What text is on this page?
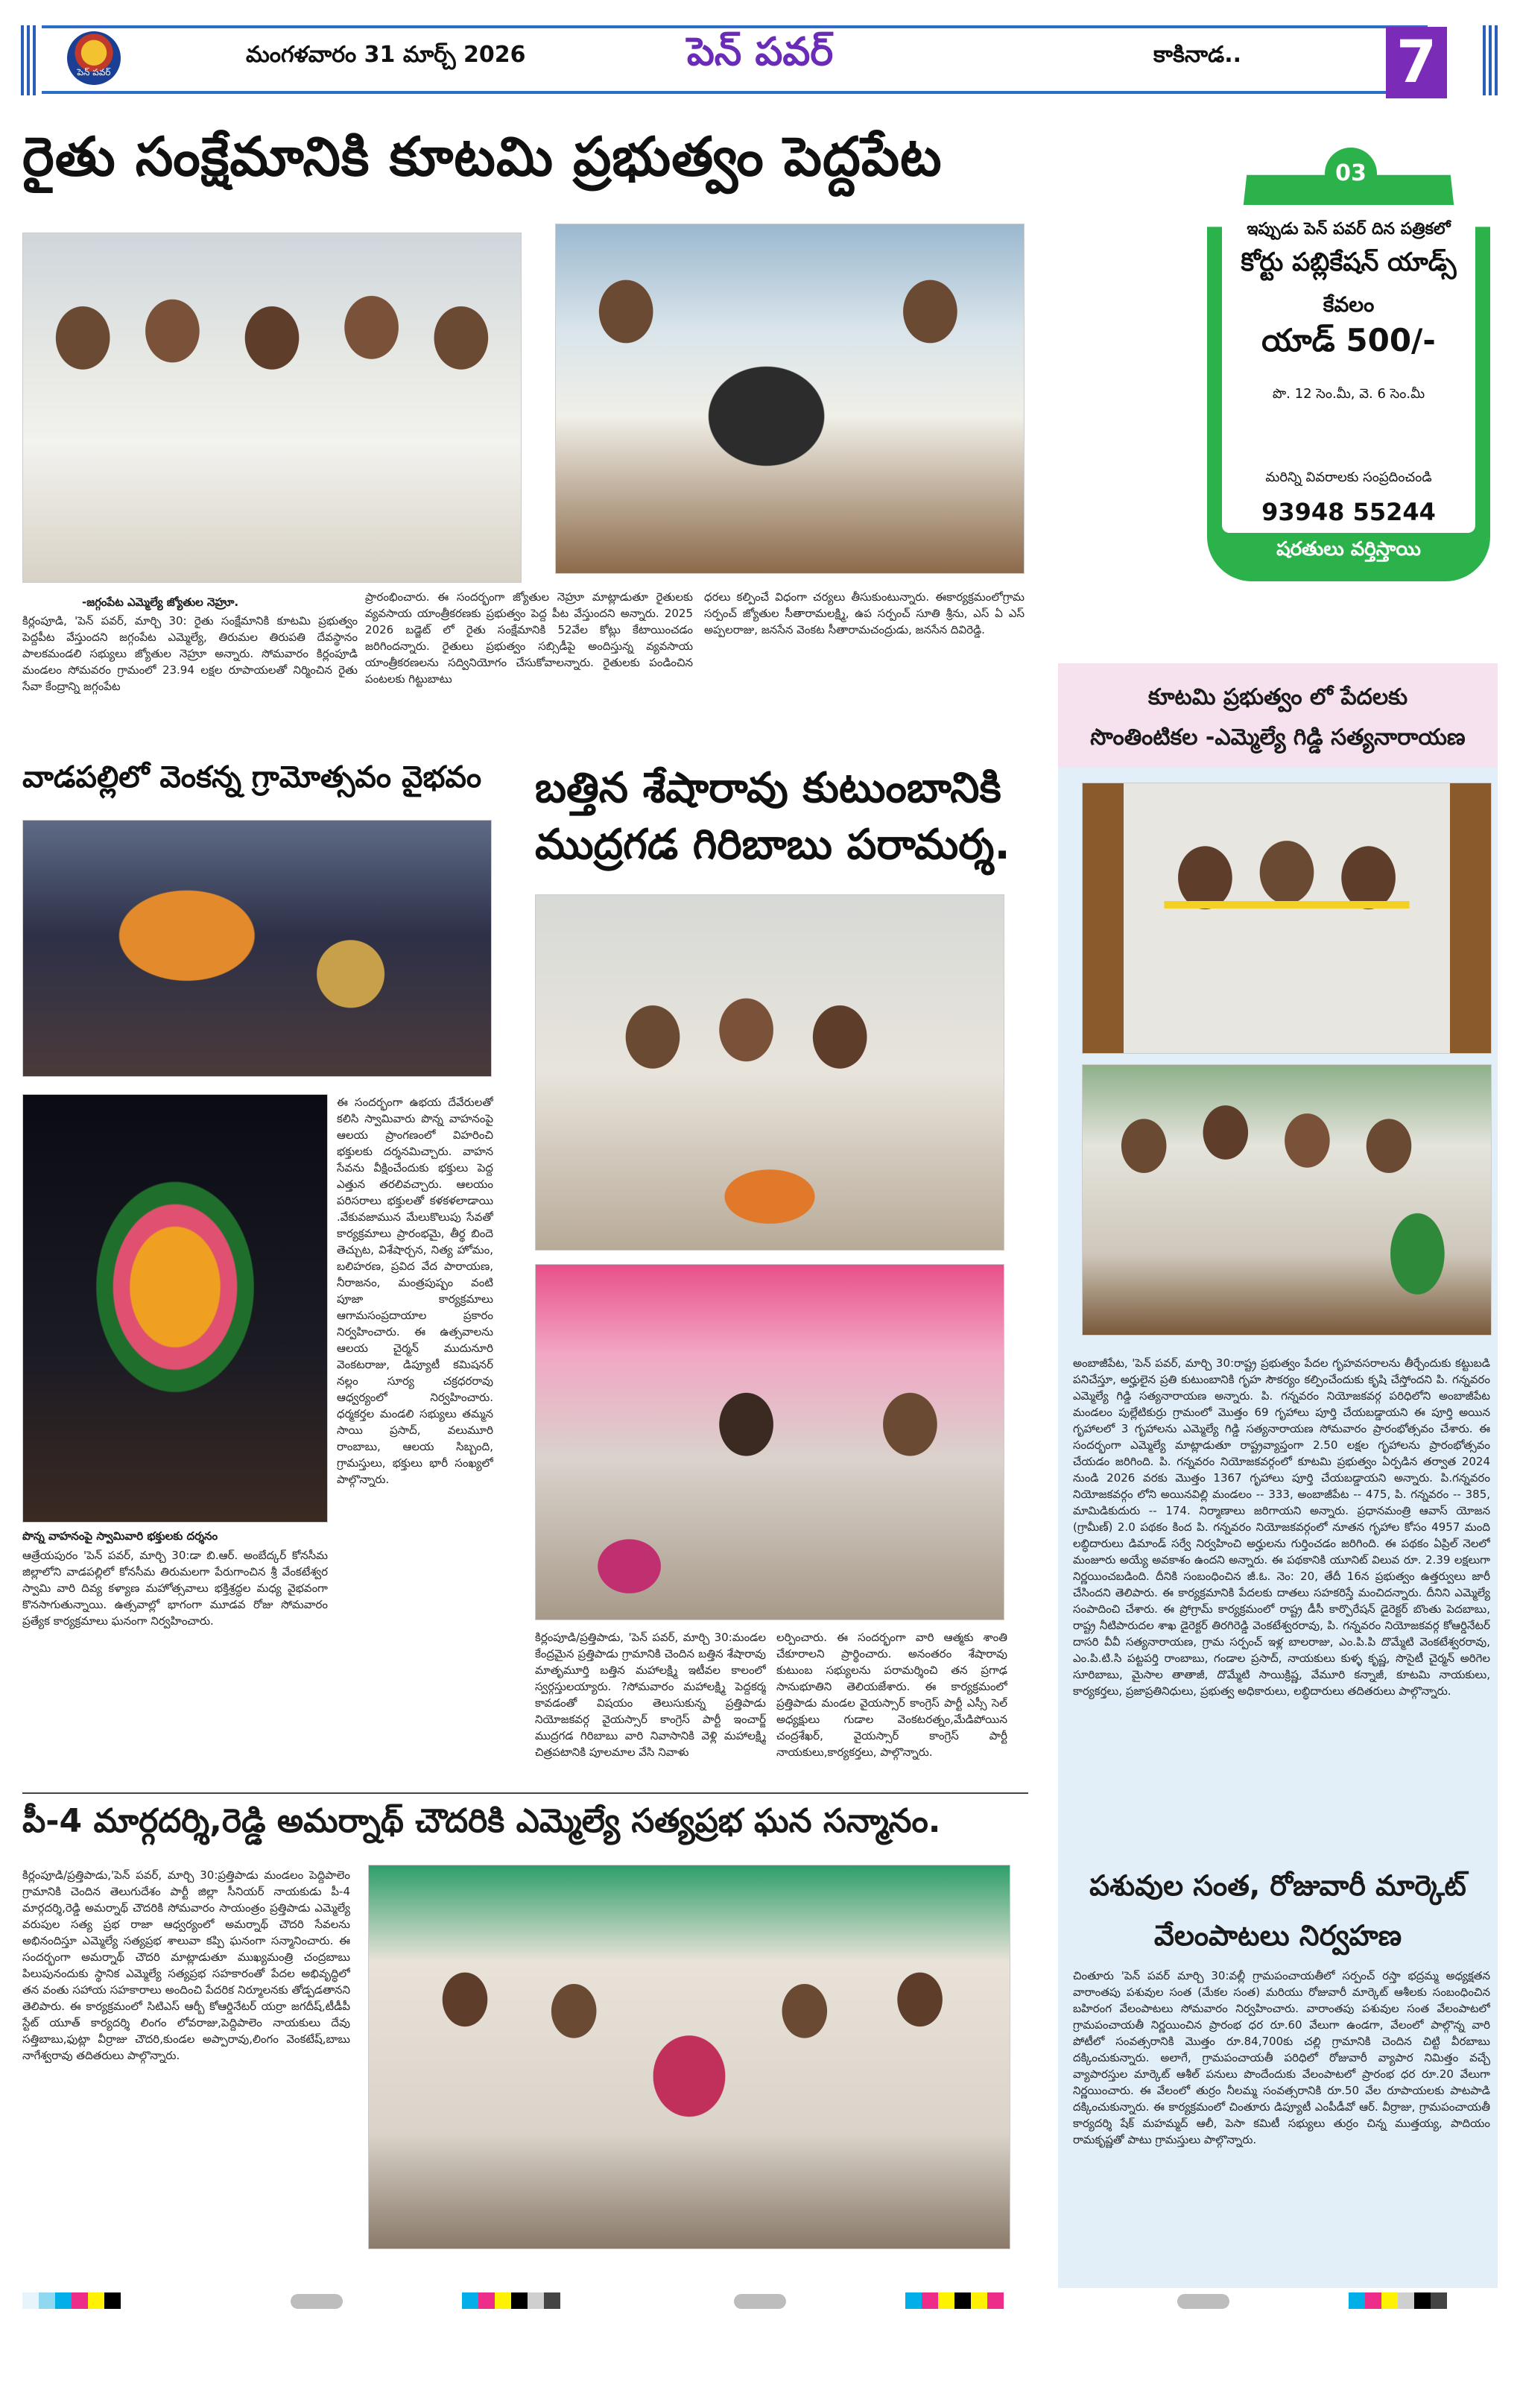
పెన్ పవర్
మంగళవారం 31 మార్చ్ 2026	పెన్ పవర్	కాకినాడ..	7
రైతు సంక్షేమానికి కూటమి ప్రభుత్వం పెద్దపేట
-జగ్గంపేట ఎమ్మెల్యే జ్యోతుల నెహ్రూ.
కిర్లంపూడి, 'పెన్ పవర్, మార్చి 30: రైతు సంక్షేమానికి కూటమి ప్రభుత్వం పెద్దపీట వేస్తుందని జగ్గంపేట ఎమ్మెల్యే, తిరుమల తిరుపతి దేవస్థానం పాలకమండలి సభ్యులు జ్యోతుల నెహ్రూ అన్నారు. సోమవారం కిర్లంపూడి మండలం సోమవరం గ్రామంలో 23.94 లక్షల రూపాయలతో నిర్మించిన రైతు సేవా కేంద్రాన్ని జగ్గంపేట
ప్రారంభించారు. ఈ సందర్భంగా జ్యోతుల నెహ్రూ మాట్లాడుతూ రైతులకు వ్యవసాయ యాంత్రీకరణకు ప్రభుత్వం పెద్ద పీట వేస్తుందని అన్నారు. 2025 2026 బడ్జెట్ లో రైతు సంక్షేమానికి 52వేల కోట్లు కేటాయించడం జరిగిందన్నారు. రైతులు ప్రభుత్వం సబ్సిడీపై అందిస్తున్న వ్యవసాయ యాంత్రీకరణలను సద్వినియోగం చేసుకోవాలన్నారు. రైతులకు పండించిన పంటలకు గిట్టుబాటు
ధరలు కల్పించే విధంగా చర్యలు తీసుకుంటున్నారు. ఈకార్యక్రమంలోగ్రామ సర్పంచ్ జ్యోతుల సీతారామలక్ష్మి, ఉప సర్పంచ్ సూతి శ్రీను, ఎస్ ఏ ఎస్ అప్పలరాజు, జనసేన వెంకట సీతారామచంద్రుడు, జనసేన దివిరెడ్డి.
03
ఇప్పుడు పెన్ పవర్ దిన పత్రికలో
కోర్టు పబ్లికేషన్ యాడ్స్
కేవలం
యాడ్ 500/-
పొ. 12 సెం.మీ, వె. 6 సెం.మీ
మరిన్ని వివరాలకు సంప్రదించండి
93948 55244
షరతులు వర్తిస్తాయి
కూటమి ప్రభుత్వం లో పేదలకు
సొంతింటికల -ఎమ్మెల్యే గిడ్డి సత్యనారాయణ
అంబాజీపేట, 'పెన్ పవర్, మార్చి 30:రాష్ట్ర ప్రభుత్వం పేదల గృహవసరాలను తీర్చేందుకు కట్టుబడి పనిచేస్తూ, అర్హులైన ప్రతి కుటుంబానికి గృహ సౌకర్యం కల్పించేందుకు కృషి చేస్తోందని పి. గన్నవరం ఎమ్మెల్యే గిడ్డి సత్యనారాయణ అన్నారు. పి. గన్నవరం నియోజకవర్గ పరిధిలోని అంబాజీపేట మండలం పుల్లేటికుర్రు గ్రామంలో మొత్తం 69 గృహాలు పూర్తి చేయబడ్డాయని ఈ పూర్తి అయిన గృహాలలో 3 గృహాలను ఎమ్మెల్యే గిడ్డి సత్యనారాయణ సోమవారం ప్రారంభోత్సవం చేశారు. ఈ సందర్భంగా ఎమ్మెల్యే మాట్లాడుతూ రాష్ట్రవ్యాప్తంగా 2.50 లక్షల గృహాలను ప్రారంభోత్సవం చేయడం జరిగింది. పి. గన్నవరం నియోజకవర్గంలో కూటమి ప్రభుత్వం ఏర్పడిన తర్వాత 2024 నుండి 2026 వరకు మొత్తం 1367 గృహాలు పూర్తి చేయబడ్డాయని అన్నారు. పి.గన్నవరం నియోజకవర్గం లోని అయినవిల్లి మండలం -- 333, అంబాజీపేట -- 475, పి. గన్నవరం -- 385, మామిడికుదురు -- 174. నిర్మాణాలు జరిగాయని అన్నారు. ప్రధానమంత్రి ఆవాస్ యోజన (గ్రామీణ్) 2.0 పథకం కింద పి. గన్నవరం నియోజకవర్గంలో నూతన గృహాల కోసం 4957 మంది లబ్ధిదారులు డిమాండ్ సర్వే నిర్వహించి అర్హులను గుర్తించడం జరిగింది. ఈ పథకం ఏప్రిల్ నెలలో మంజూరు అయ్యే అవకాశం ఉందని అన్నారు. ఈ పథకానికి యూనిట్ విలువ రూ. 2.39 లక్షలుగా నిర్ణయించబడింది. దీనికి సంబంధించిన జీ.ఓ. నెం: 20, తేదీ 16న ప్రభుత్వం ఉత్తర్వులు జారీ చేసిందని తెలిపారు. ఈ కార్యక్రమానికి పేదలకు దాతలు సహకరిస్తే మంచిదన్నారు. దీనిని ఎమ్మెల్యే సంపాదించి చేశారు. ఈ ప్రోగ్రామ్ కార్యక్రమంలో రాష్ట్ర డీసీ కార్పొరేషన్ డైరెక్టర్ బొంతు పెదబాబు, రాష్ట్ర నీటిపారుదల శాఖ డైరెక్టర్ తిరగిరెడ్డి వెంకటేశ్వరరావు, పి. గన్నవరం నియోజకవర్గ కోఆర్డినేటర్ దాసరి వీవీ సత్యనారాయణ, గ్రామ సర్పంచ్ ఇళ్ల బాలరాజు, ఎం.పి.పి దొమ్మేటి వెంకటేశ్వరరావు, ఎం.పి.టి.సి పట్టపర్తి రాంబాబు, గండాల ప్రసాద్, నాయకులు కుళ్ళ కృష్ణ, సొసైటీ చైర్మన్ అరిగెల సూరిబాబు, మైసాల తాతాజీ, దొమ్మేటి సాయిక్రిష్ణ, వేమూరి కన్నాజీ, కూటమి నాయకులు, కార్యకర్తలు, ప్రజాప్రతినిధులు, ప్రభుత్వ అధికారులు, లబ్ధిదారులు తదితరులు పాల్గొన్నారు.
పశువుల సంత, రోజువారీ మార్కెట్
వేలంపాటలు నిర్వహణ
చింతూరు 'పెన్ పవర్ మార్చి 30:వల్లీ గ్రామపంచాయతీలో సర్పంచ్ రస్తా భద్రమ్మ అధ్యక్షతన వారాంతపు పశువుల సంత (మేకల సంత) మరియు రోజువారీ మార్కెట్ ఆశీలకు సంబంధించిన బహిరంగ వేలంపాటలు సోమవారం నిర్వహించారు. వారాంతపు పశువుల సంత వేలంపాటలో గ్రామపంచాయతీ నిర్ణయించిన ప్రారంభ ధర రూ.60 వేలుగా ఉండగా, వేలంలో పాల్గొన్న వారి పోటీలో సంవత్సరానికి మొత్తం రూ.84,700కు చల్లి గ్రామానికి చెందిన చిట్టి వీరబాబు దక్కించుకున్నారు. అలాగే, గ్రామపంచాయతీ పరిధిలో రోజువారీ వ్యాపార నిమిత్తం వచ్చే వ్యాపారస్తుల మార్కెట్ ఆశీల్ పనులు పొందేందుకు వేలంపాటలో ప్రారంభ ధర రూ.20 వేలుగా నిర్ణయించారు. ఈ వేలంలో తుర్రం నీలమ్మ సంవత్సరానికి రూ.50 వేల రూపాయలకు పాటపాడి దక్కించుకున్నారు. ఈ కార్యక్రమంలో చింతూరు డిప్యూటీ ఎంపీడీవో ఆర్. వీర్రాజు, గ్రామపంచాయతీ కార్యదర్శి షేక్ మహమ్మద్ ఆలీ, పెసా కమిటీ సభ్యులు తుర్రం చిన్న ముత్తయ్య, పాదియం రామకృష్ణతో పాటు గ్రామస్తులు పాల్గొన్నారు.
వాడపల్లిలో వెంకన్న గ్రామోత్సవం వైభవం
ఈ సందర్భంగా ఉభయ దేవేరులతో కలిసి స్వామివారు పొన్న వాహనంపై ఆలయ ప్రాంగణంలో విహరించి భక్తులకు దర్శనమిచ్చారు. వాహన సేవను వీక్షించేందుకు భక్తులు పెద్ద ఎత్తున తరలివచ్చారు. ఆలయం పరిసరాలు భక్తులతో కళకళలాడాయి .వేకువజామున మేలుకొలుపు సేవతో కార్యక్రమాలు ప్రారంభమై, తీర్థ బిందె తెచ్చుట, విశేషార్చన, నిత్య హోమం, బలిహరణ, ప్రవిద వేద పారాయణ, నీరాజనం, మంత్రపుష్పం వంటి పూజా కార్యక్రమాలు ఆగామసంప్రదాయాల ప్రకారం నిర్వహించారు. ఈ ఉత్సవాలను ఆలయ చైర్మన్ ముదునూరి వెంకటరాజు, డిప్యూటీ కమిషనర్ నల్లం సూర్య చక్రధరరావు ఆధ్వర్యంలో నిర్వహించారు. ధర్మకర్తల మండలి సభ్యులు తమ్మన సాయి ప్రసాద్, వలుమూరి రాంబాబు, ఆలయ సిబ్బంది, గ్రామస్తులు, భక్తులు భారీ సంఖ్యలో పాల్గొన్నారు.
పొన్న వాహనంపై స్వామివారి భక్తులకు దర్శనం
ఆత్రేయపురం 'పెన్ పవర్, మార్చి 30:డా బి.ఆర్. అంబేద్కర్ కోనసీమ జిల్లాలోని వాడపల్లిలో కోనసీమ తిరుమలగా పేరుగాంచిన శ్రీ వేంకటేశ్వర స్వామి వారి దివ్య కళ్యాణ మహోత్సవాలు భక్తిశ్రద్ధల మధ్య వైభవంగా కొనసాగుతున్నాయి. ఉత్సవాల్లో భాగంగా మూడవ రోజు సోమవారం ప్రత్యేక కార్యక్రమాలు ఘనంగా నిర్వహించారు.
బత్తిన శేషారావు కుటుంబానికి
ముద్రగడ గిరిబాబు పరామర్శ.
కిర్లంపూడి/ప్రత్తిపాడు, 'పెన్ పవర్, మార్చి 30:మండల కేంద్రమైన ప్రత్తిపాడు గ్రామానికి చెందిన బత్తిన శేషారావు మాతృమూర్తి బత్తిన మహాలక్ష్మి ఇటీవల కాలంలో స్వర్గస్తులయ్యారు. ?సోమవారం మహాలక్ష్మి పెద్దకర్మ కావడంతో విషయం తెలుసుకున్న ప్రత్తిపాడు నియోజకవర్గ వైయస్సార్ కాంగ్రెస్ పార్టీ ఇంచార్జ్ ముద్రగడ గిరిబాబు వారి నివాసానికి వెళ్లి మహాలక్ష్మి చిత్రపటానికి పూలమాల వేసి నివాళు
లర్పించారు. ఈ సందర్భంగా వారి ఆత్మకు శాంతి చేకూరాలని ప్రార్థించారు. అనంతరం శేషారావు కుటుంబ సభ్యులను పరామర్శించి తన ప్రగాఢ సానుభూతిని తెలియజేశారు. ఈ కార్యక్రమంలో ప్రత్తిపాడు మండల వైయస్సార్ కాంగ్రెస్ పార్టీ ఎస్సీ సెల్ అధ్యక్షులు గుడాల వెంకటరత్నం,మేడిపోయిన చంద్రశేఖర్, వైయస్సార్ కాంగ్రెస్ పార్టీ నాయకులు,కార్యకర్తలు, పాల్గొన్నారు.
పీ-4 మార్గదర్శి,రెడ్డి అమర్నాథ్ చౌదరికి ఎమ్మెల్యే సత్యప్రభ ఘన సన్మానం.
కిర్లంపూడి/ప్రత్తిపాడు,'పెన్ పవర్, మార్చి 30:ప్రత్తిపాడు మండలం పెద్దిపాలెం గ్రామానికి చెందిన తెలుగుదేశం పార్టీ జిల్లా సీనియర్ నాయకుడు పీ-4 మార్గదర్శి,రెడ్డి అమర్నాథ్ చౌదరికి సోమవారం సాయంత్రం ప్రత్తిపాడు ఎమ్మెల్యే వరుపుల సత్య ప్రభ రాజా ఆధ్వర్యంలో అమర్నాథ్ చౌదరి సేవలను అభినందిస్తూ ఎమ్మెల్యే సత్యప్రభ శాలువా కప్పి ఘనంగా సన్మానించారు. ఈ సందర్భంగా అమర్నాథ్ చౌదరి మాట్లాడుతూ ముఖ్యమంత్రి చంద్రబాబు పిలుపునందుకు స్థానిక ఎమ్మెల్యే సత్యప్రభ సహకారంతో పేదల అభివృద్ధిలో తన వంతు సహాయ సహకారాలు అందించి పేదరిక నిర్మూలనకు తోడ్పడతానని తెలిపారు. ఈ కార్యక్రమంలో సిటిఎస్ ఆర్బీ కోఆర్డినేటర్ యర్రా జగదీష్,టీడీపీ స్టేట్ యూత్ కార్యదర్శి లింగం లోవరాజు,పెద్దిపాలెం నాయకులు దేవు సత్తిబాబు,ఫుట్లా వీర్రాజు చౌదరి,కుండల అప్పారావు,లింగం వెంకటేష్,బాబు నాగేశ్వరావు తదితరులు పాల్గొన్నారు.
